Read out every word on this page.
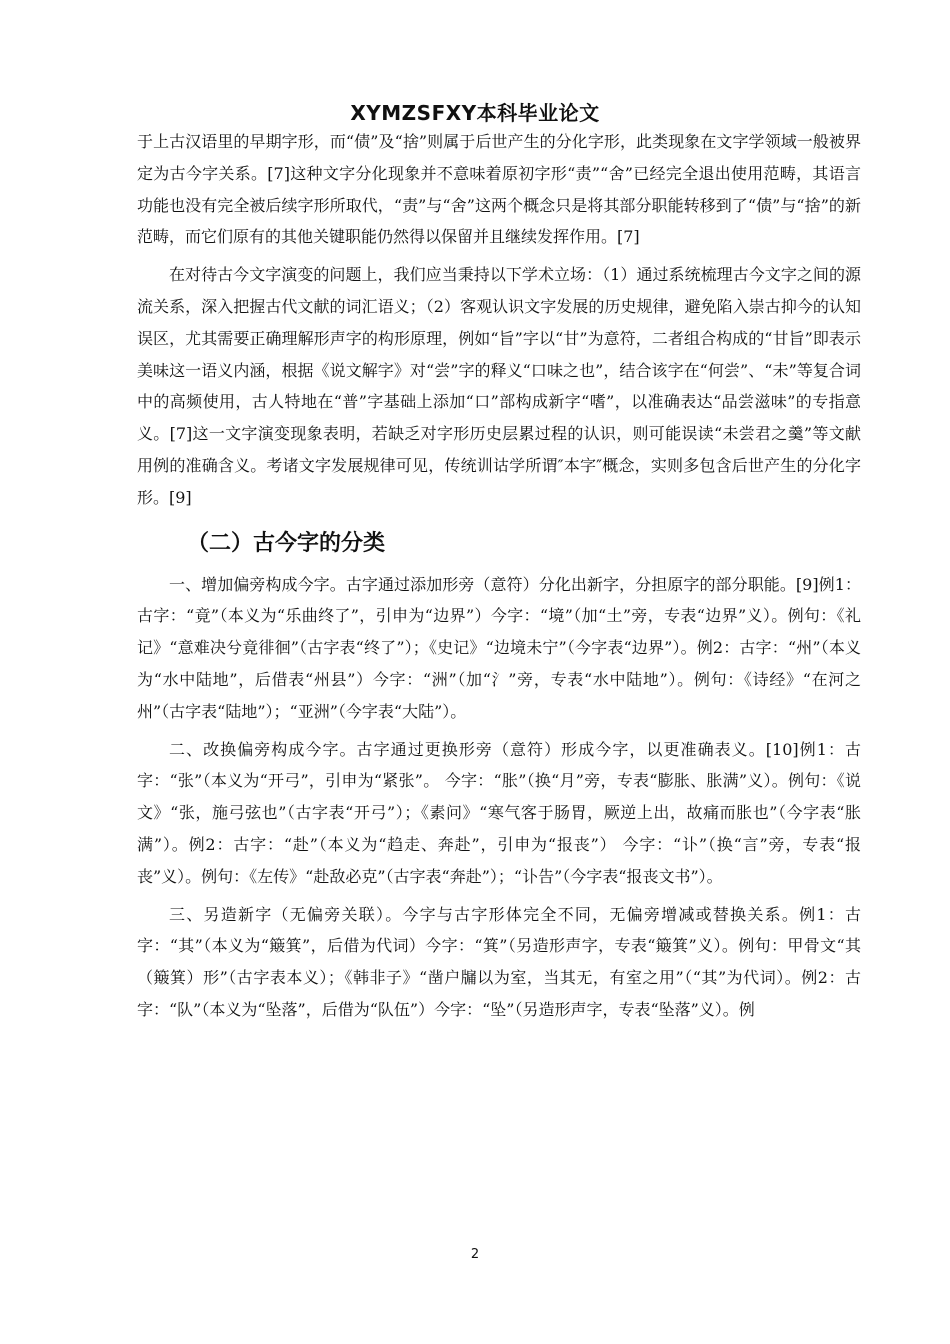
XYMZSFXY本科毕业论文

于上古汉语里的早期字形，而“债”及“捨”则属于后世产生的分化字形，此类现象在文字学领域一般被界定为古今字关系。[7]这种文字分化现象并不意味着原初字形“责”“舍”已经完全退出使用范畴，其语言功能也没有完全被后续字形所取代，“责”与“舍”这两个概念只是将其部分职能转移到了“债”与“捨”的新范畴，而它们原有的其他关键职能仍然得以保留并且继续发挥作用。[7]

在对待古今文字演变的问题上，我们应当秉持以下学术立场：（1）通过系统梳理古今文字之间的源流关系，深入把握古代文献的词汇语义；（2）客观认识文字发展的历史规律，避免陷入崇古抑今的认知误区，尤其需要正确理解形声字的构形原理，例如“旨”字以“甘”为意符，二者组合构成的“甘旨”即表示美味这一语义内涵，根据《说文解字》对“尝”字的释义“口味之也”，结合该字在“何尝”、“未”等复合词中的高频使用，古人特地在“普”字基础上添加“口”部构成新字“嗜”，以准确表达“品尝滋味”的专指意义。[7]这一文字演变现象表明，若缺乏对字形历史层累过程的认识，则可能误读“未尝君之羹”等文献用例的准确含义。考诸文字发展规律可见，传统训诂学所谓″本字″概念，实则多包含后世产生的分化字形。[9]

（二）古今字的分类

一、增加偏旁构成今字。古字通过添加形旁（意符）分化出新字，分担原字的部分职能。[9]例1：古字：“竟”（本义为“乐曲终了”，引申为“边界”）今字：“境”（加“土”旁，专表“边界”义）。例句：《礼记》“意难决兮竟徘徊”（古字表“终了”）；《史记》“边境未宁”（今字表“边界”）。例2：古字：“州”（本义为“水中陆地”，后借表“州县”）今字：“洲”（加“氵”旁，专表“水中陆地”）。例句：《诗经》“在河之州”（古字表“陆地”）；“亚洲”（今字表“大陆”）。

二、改换偏旁构成今字。古字通过更换形旁（意符）形成今字，以更准确表义。[10]例1：古字：“张”（本义为“开弓”，引申为“紧张”。 今字：“胀”（换“月”旁，专表“膨胀、胀满”义）。例句：《说文》“张，施弓弦也”（古字表“开弓”）；《素问》“寒气客于肠胃，厥逆上出，故痛而胀也”（今字表“胀满”）。例2：古字：“赴”（本义为“趋走、奔赴”，引申为“报丧”） 今字：“讣”（换“言”旁，专表“报丧”义）。例句：《左传》“赴敌必克”（古字表“奔赴”）；“讣告”（今字表“报丧文书”）。

三、另造新字（无偏旁关联）。今字与古字形体完全不同，无偏旁增减或替换关系。例1：古字：“其”（本义为“簸箕”，后借为代词）今字：“箕”（另造形声字，专表“簸箕”义）。例句：甲骨文“其（簸箕）形”（古字表本义）；《韩非子》“凿户牖以为室，当其无，有室之用”（“其”为代词）。例2：古字：“队”（本义为“坠落”，后借为“队伍”）今字：“坠”（另造形声字，专表“坠落”义）。例

2
